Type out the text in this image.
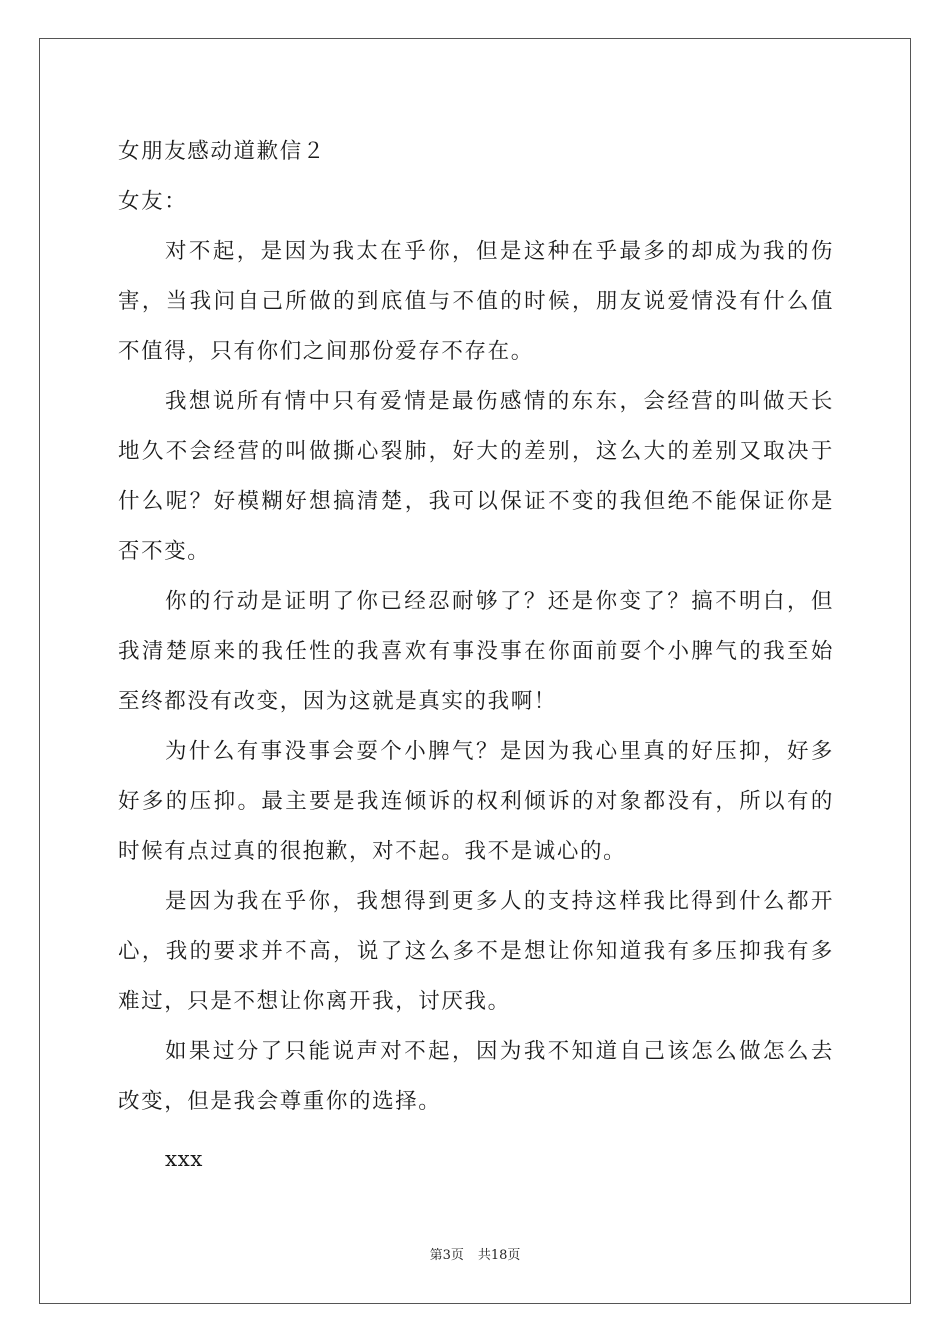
女朋友感动道歉信２

女友：

对不起，是因为我太在乎你，但是这种在乎最多的却成为我的伤害，当我问自己所做的到底值与不值的时候，朋友说爱情没有什么值不值得，只有你们之间那份爱存不存在。

我想说所有情中只有爱情是最伤感情的东东，会经营的叫做天长地久不会经营的叫做撕心裂肺，好大的差别，这么大的差别又取决于什么呢？好模糊好想搞清楚，我可以保证不变的我但绝不能保证你是否不变。

你的行动是证明了你已经忍耐够了？还是你变了？搞不明白，但我清楚原来的我任性的我喜欢有事没事在你面前耍个小脾气的我至始至终都没有改变，因为这就是真实的我啊！

为什么有事没事会耍个小脾气？是因为我心里真的好压抑，好多好多的压抑。最主要是我连倾诉的权利倾诉的对象都没有，所以有的时候有点过真的很抱歉，对不起。我不是诚心的。

是因为我在乎你，我想得到更多人的支持这样我比得到什么都开心，我的要求并不高，说了这么多不是想让你知道我有多压抑我有多难过，只是不想让你离开我，讨厌我。

如果过分了只能说声对不起，因为我不知道自己该怎么做怎么去改变，但是我会尊重你的选择。

xxx

第3页 共18页
